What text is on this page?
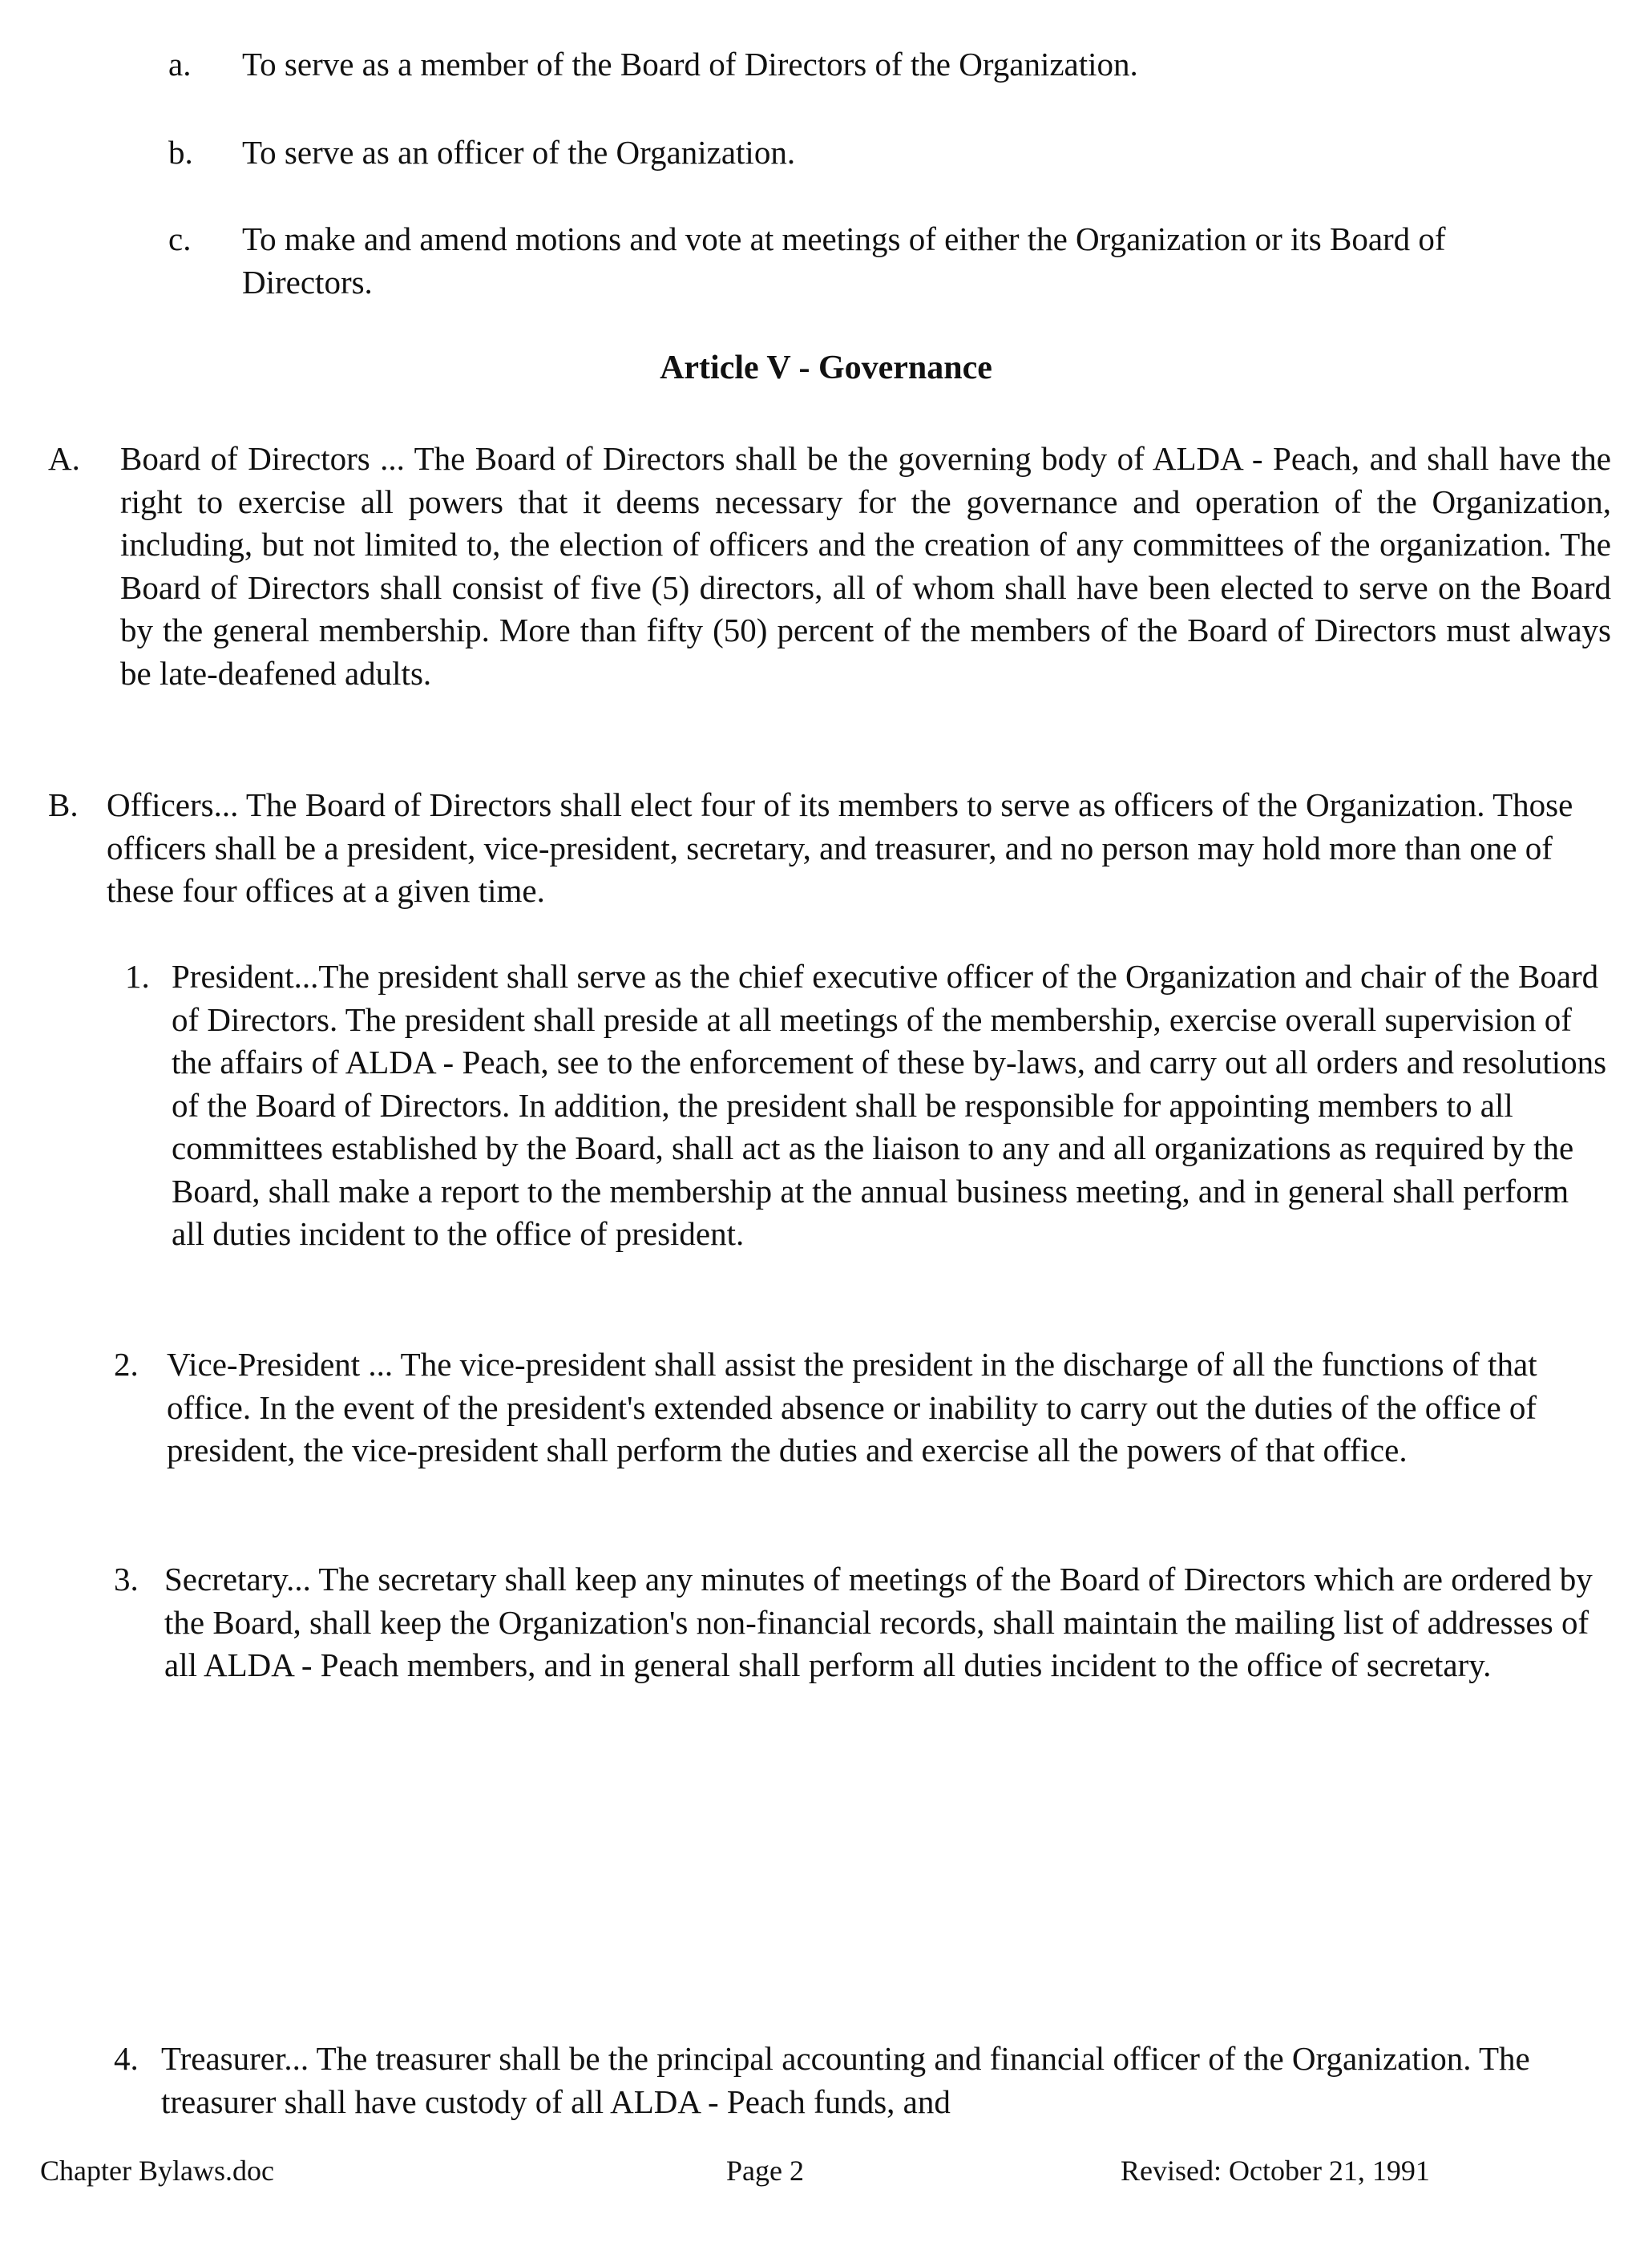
a. To serve as a member of the Board of Directors of the Organization.
b. To serve as an officer of the Organization.
c. To make and amend motions and vote at meetings of either the Organization or its Board of Directors.
Article V - Governance
A. Board of Directors ... The Board of Directors shall be the governing body of ALDA - Peach, and shall have the right to exercise all powers that it deems necessary for the governance and operation of the Organization, including, but not limited to, the election of officers and the creation of any committees of the organization. The Board of Directors shall consist of five (5) directors, all of whom shall have been elected to serve on the Board by the general membership. More than fifty (50) percent of the members of the Board of Directors must always be late-deafened adults.
B. Officers... The Board of Directors shall elect four of its members to serve as officers of the Organization. Those officers shall be a president, vice-president, secretary, and treasurer, and no person may hold more than one of these four offices at a given time.
1. President...The president shall serve as the chief executive officer of the Organization and chair of the Board of Directors. The president shall preside at all meetings of the membership, exercise overall supervision of the affairs of ALDA - Peach, see to the enforcement of these by-laws, and carry out all orders and resolutions of the Board of Directors. In addition, the president shall be responsible for appointing members to all committees established by the Board, shall act as the liaison to any and all organizations as required by the Board, shall make a report to the membership at the annual business meeting, and in general shall perform all duties incident to the office of president.
2. Vice-President ... The vice-president shall assist the president in the discharge of all the functions of that office. In the event of the president's extended absence or inability to carry out the duties of the office of president, the vice-president shall perform the duties and exercise all the powers of that office.
3. Secretary... The secretary shall keep any minutes of meetings of the Board of Directors which are ordered by the Board, shall keep the Organization's non-financial records, shall maintain the mailing list of addresses of all ALDA - Peach members, and in general shall perform all duties incident to the office of secretary.
4. Treasurer... The treasurer shall be the principal accounting and financial officer of the Organization. The treasurer shall have custody of all ALDA - Peach funds, and
Chapter Bylaws.doc	Page 2	Revised: October 21, 1991
